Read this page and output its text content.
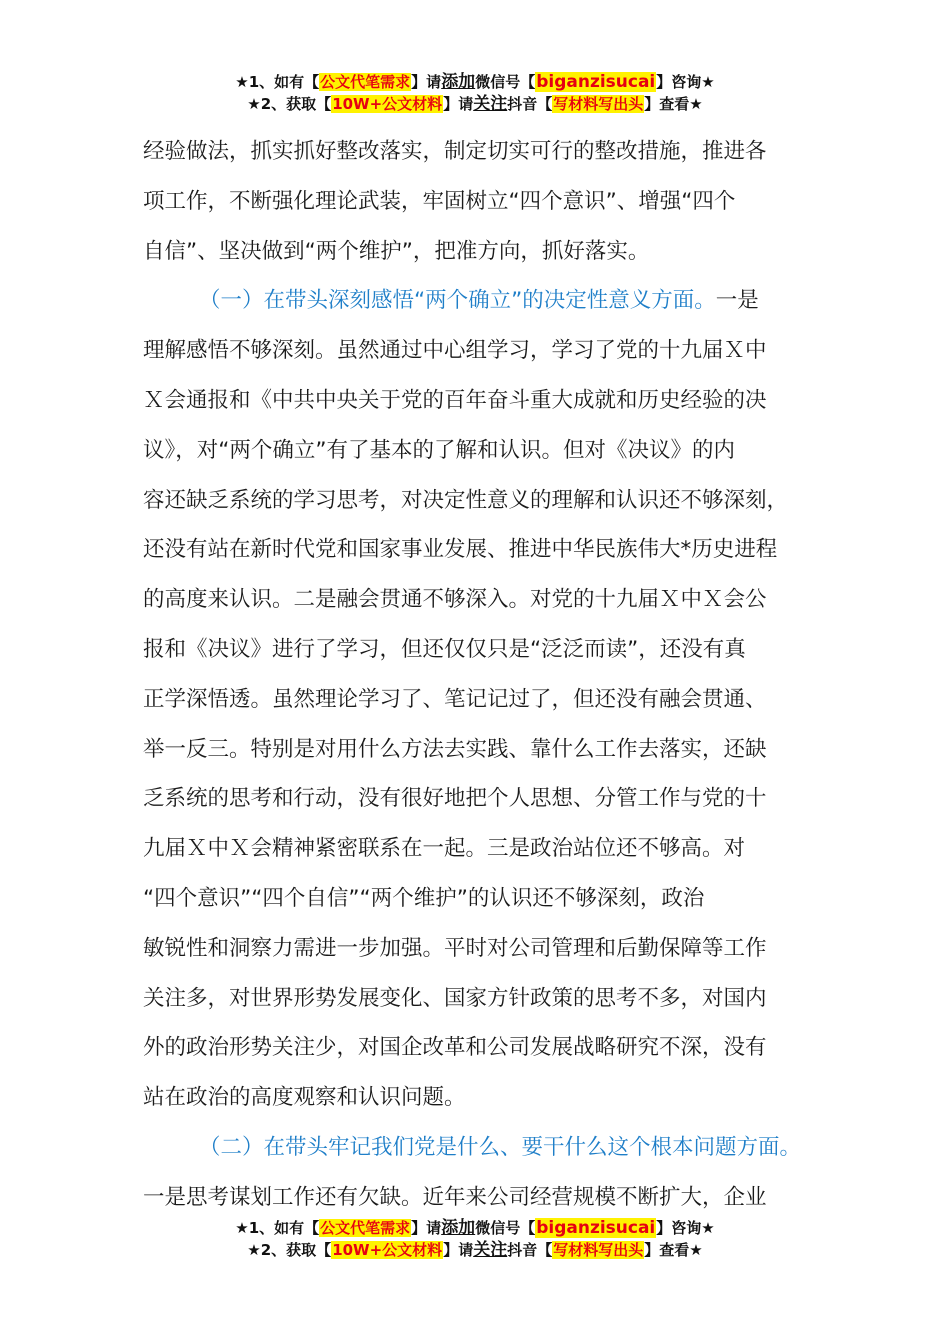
★1、如有【公文代笔需求】请添加微信号【biganzisucai】咨询★
★2、获取【10W+公文材料】请关注抖音【写材料写出头】查看★
经验做法，抓实抓好整改落实，制定切实可行的整改措施，推进各
项工作，不断强化理论武装，牢固树立“四个意识”、增强“四个
自信”、坚决做到“两个维护”，把准方向，抓好落实。
（一）在带头深刻感悟“两个确立”的决定性意义方面。一是
理解感悟不够深刻。虽然通过中心组学习，学习了党的十九届Ｘ中
Ｘ会通报和《中共中央关于党的百年奋斗重大成就和历史经验的决
议》，对“两个确立”有了基本的了解和认识。但对《决议》的内
容还缺乏系统的学习思考，对决定性意义的理解和认识还不够深刻，
还没有站在新时代党和国家事业发展、推进中华民族伟大*历史进程
的高度来认识。二是融会贯通不够深入。对党的十九届Ｘ中Ｘ会公
报和《决议》进行了学习，但还仅仅只是“泛泛而读”，还没有真
正学深悟透。虽然理论学习了、笔记记过了，但还没有融会贯通、
举一反三。特别是对用什么方法去实践、靠什么工作去落实，还缺
乏系统的思考和行动，没有很好地把个人思想、分管工作与党的十
九届Ｘ中Ｘ会精神紧密联系在一起。三是政治站位还不够高。对
“四个意识”“四个自信”“两个维护”的认识还不够深刻，政治
敏锐性和洞察力需进一步加强。平时对公司管理和后勤保障等工作
关注多，对世界形势发展变化、国家方针政策的思考不多，对国内
外的政治形势关注少，对国企改革和公司发展战略研究不深，没有
站在政治的高度观察和认识问题。
（二）在带头牢记我们党是什么、要干什么这个根本问题方面。
一是思考谋划工作还有欠缺。近年来公司经营规模不断扩大，企业
★1、如有【公文代笔需求】请添加微信号【biganzisucai】咨询★
★2、获取【10W+公文材料】请关注抖音【写材料写出头】查看★
